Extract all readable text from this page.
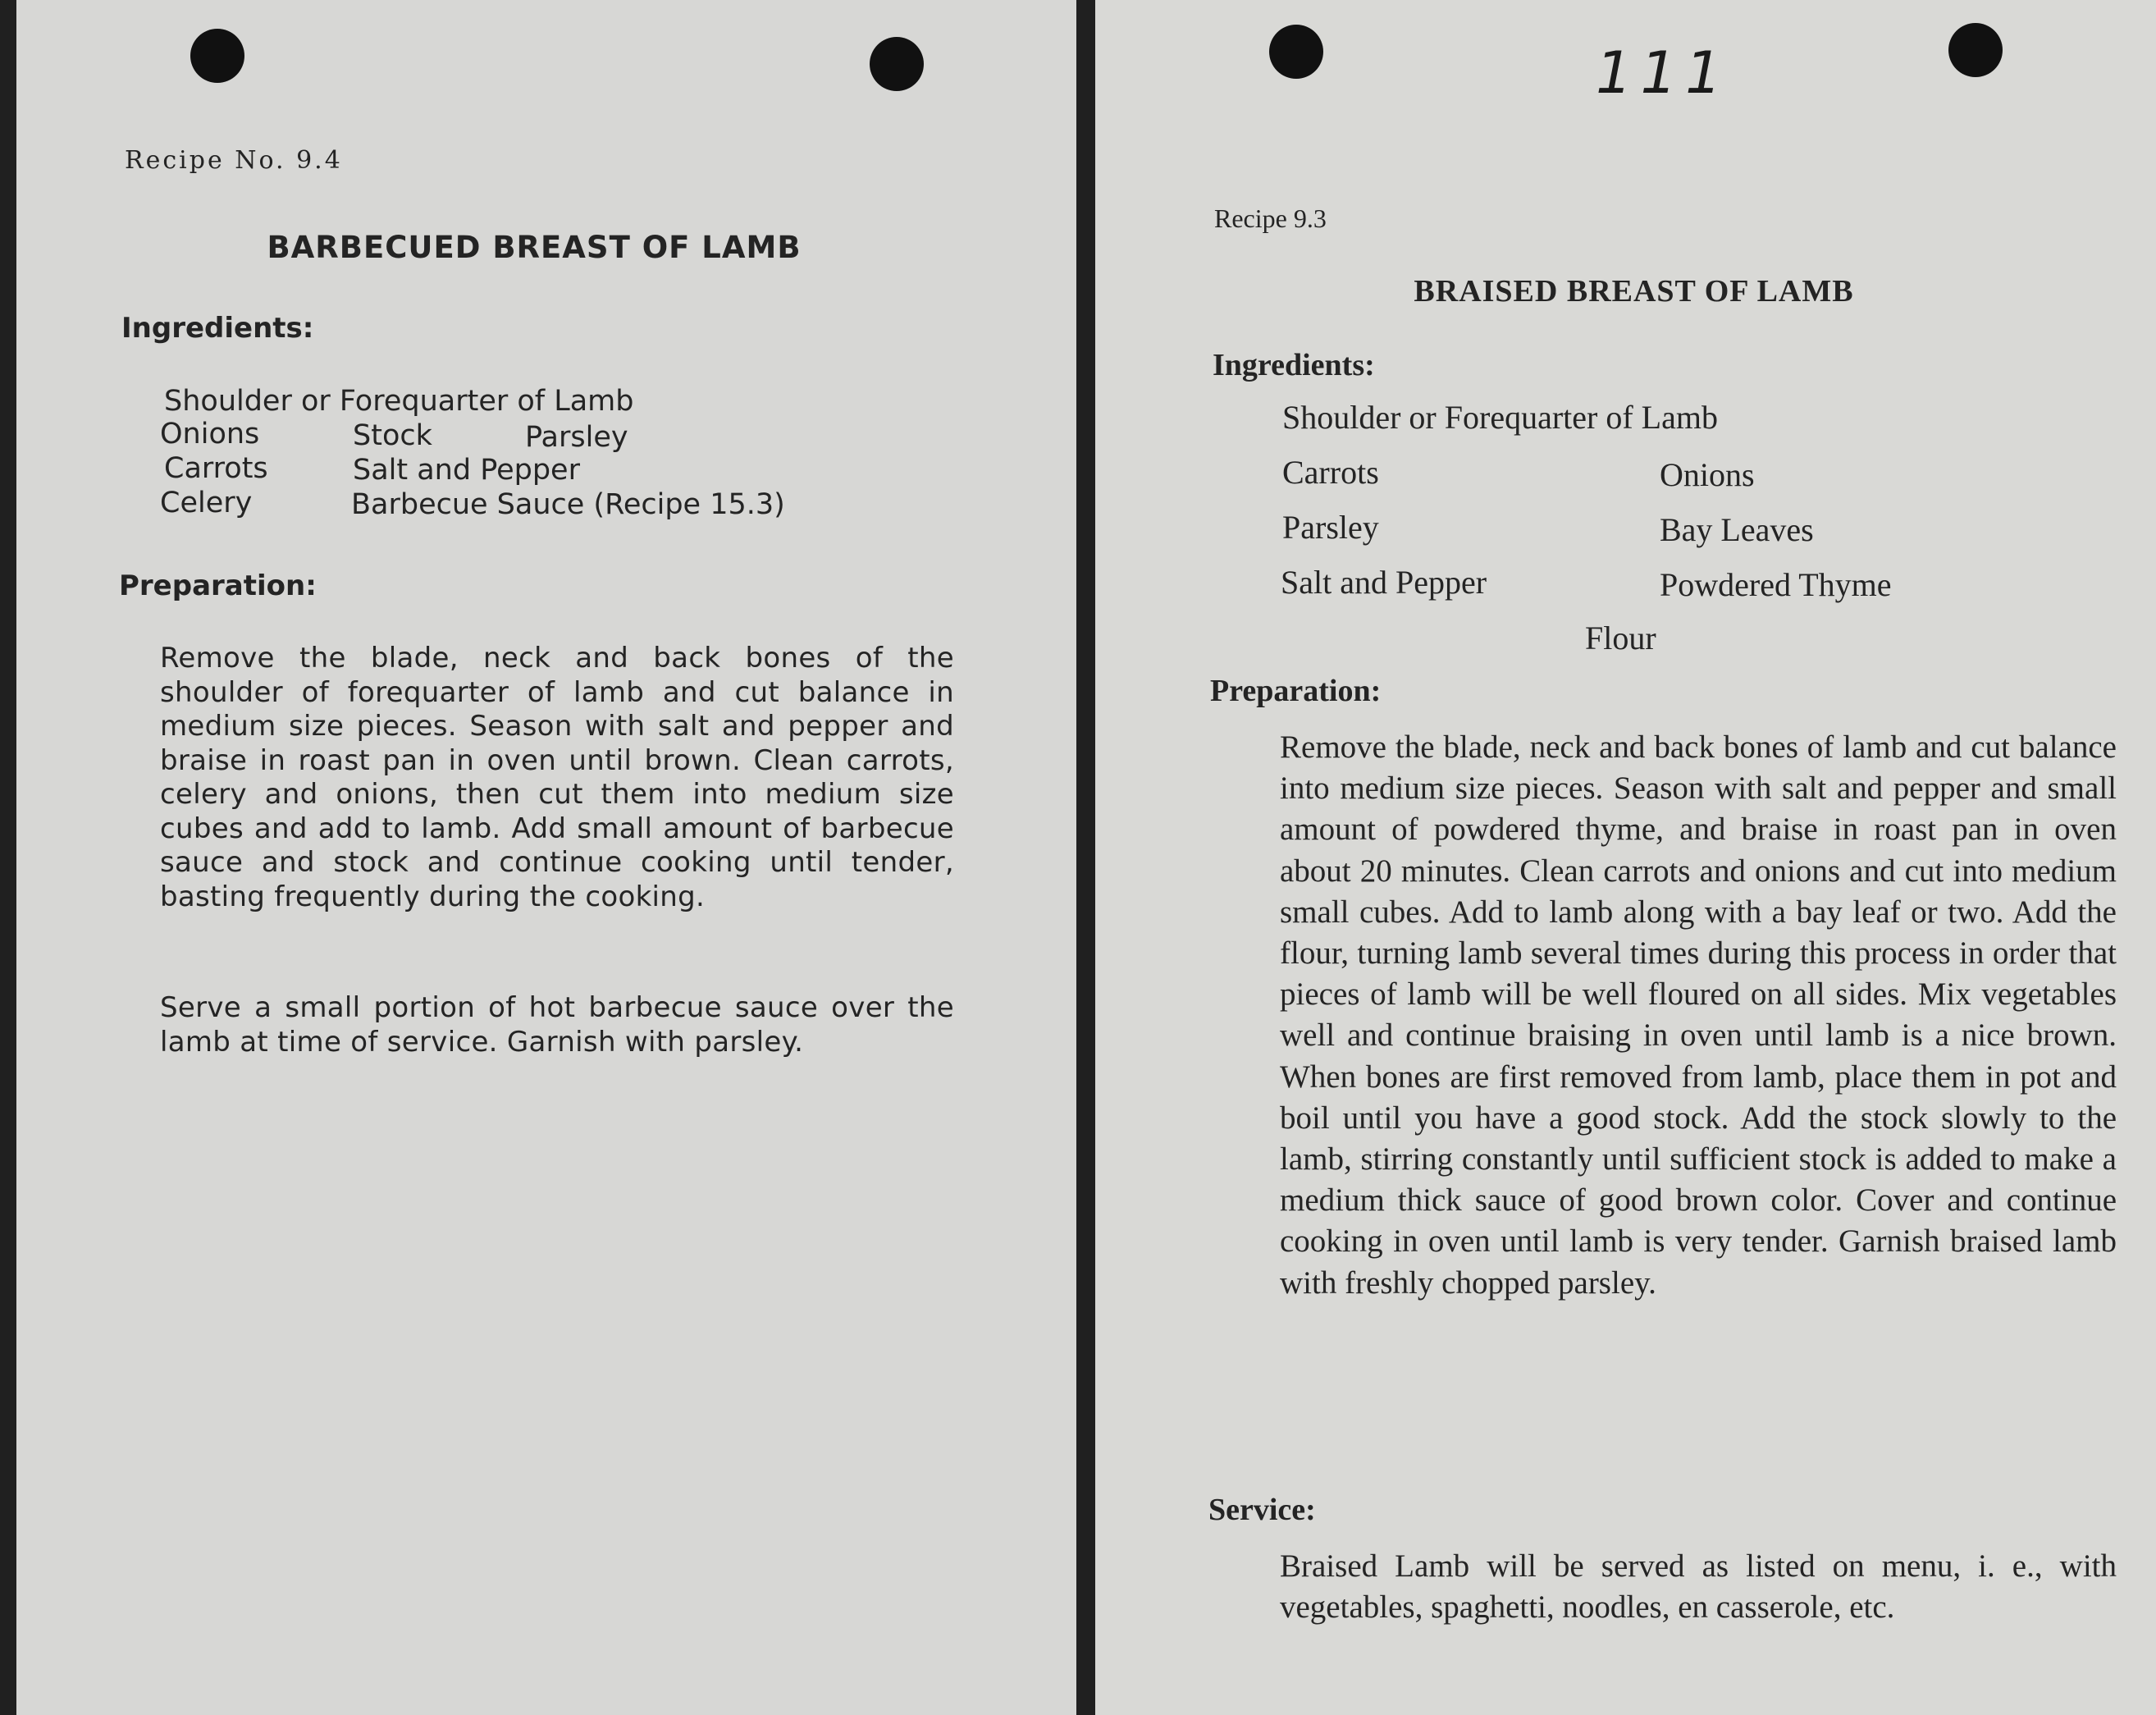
Recipe No. 9.4

BARBECUED BREAST OF LAMB
Ingredients:
Shoulder or Forequarter of Lamb
Onions
Carrots
Celery
Stock
Salt and Pepper
Barbecue Sauce (Recipe 15.3)
Parsley
Preparation:

Remove the blade, neck and back bones of the shoulder of forequarter of lamb and cut balance in medium size pieces. Season with salt and pepper and braise in roast pan in oven until brown. Clean carrots, celery and onions, then cut them into medium size cubes and add to lamb. Add small amount of barbecue sauce and stock and continue cooking until tender, basting frequently during the cooking.

Serve a small portion of hot barbecue sauce over the lamb at time of service. Garnish with parsley.

111

Recipe 9.3

BRAISED BREAST OF LAMB
Ingredients:
Shoulder or Forequarter of Lamb
Carrots
Parsley
Salt and Pepper
Onions
Bay Leaves
Powdered Thyme
Flour
Preparation:

Remove the blade, neck and back bones of lamb and cut balance into medium size pieces. Season with salt and pepper and small amount of powdered thyme, and braise in roast pan in oven about 20 minutes. Clean carrots and onions and cut into medium small cubes. Add to lamb along with a bay leaf or two. Add the flour, turning lamb several times during this process in order that pieces of lamb will be well floured on all sides. Mix vegetables well and continue braising in oven until lamb is a nice brown. When bones are first removed from lamb, place them in pot and boil until you have a good stock. Add the stock slowly to the lamb, stirring constantly until sufficient stock is added to make a medium thick sauce of good brown color. Cover and continue cooking in oven until lamb is very tender. Garnish braised lamb with freshly chopped parsley.

Service:

Braised Lamb will be served as listed on menu, i. e., with vegetables, spaghetti, noodles, en casserole, etc.
